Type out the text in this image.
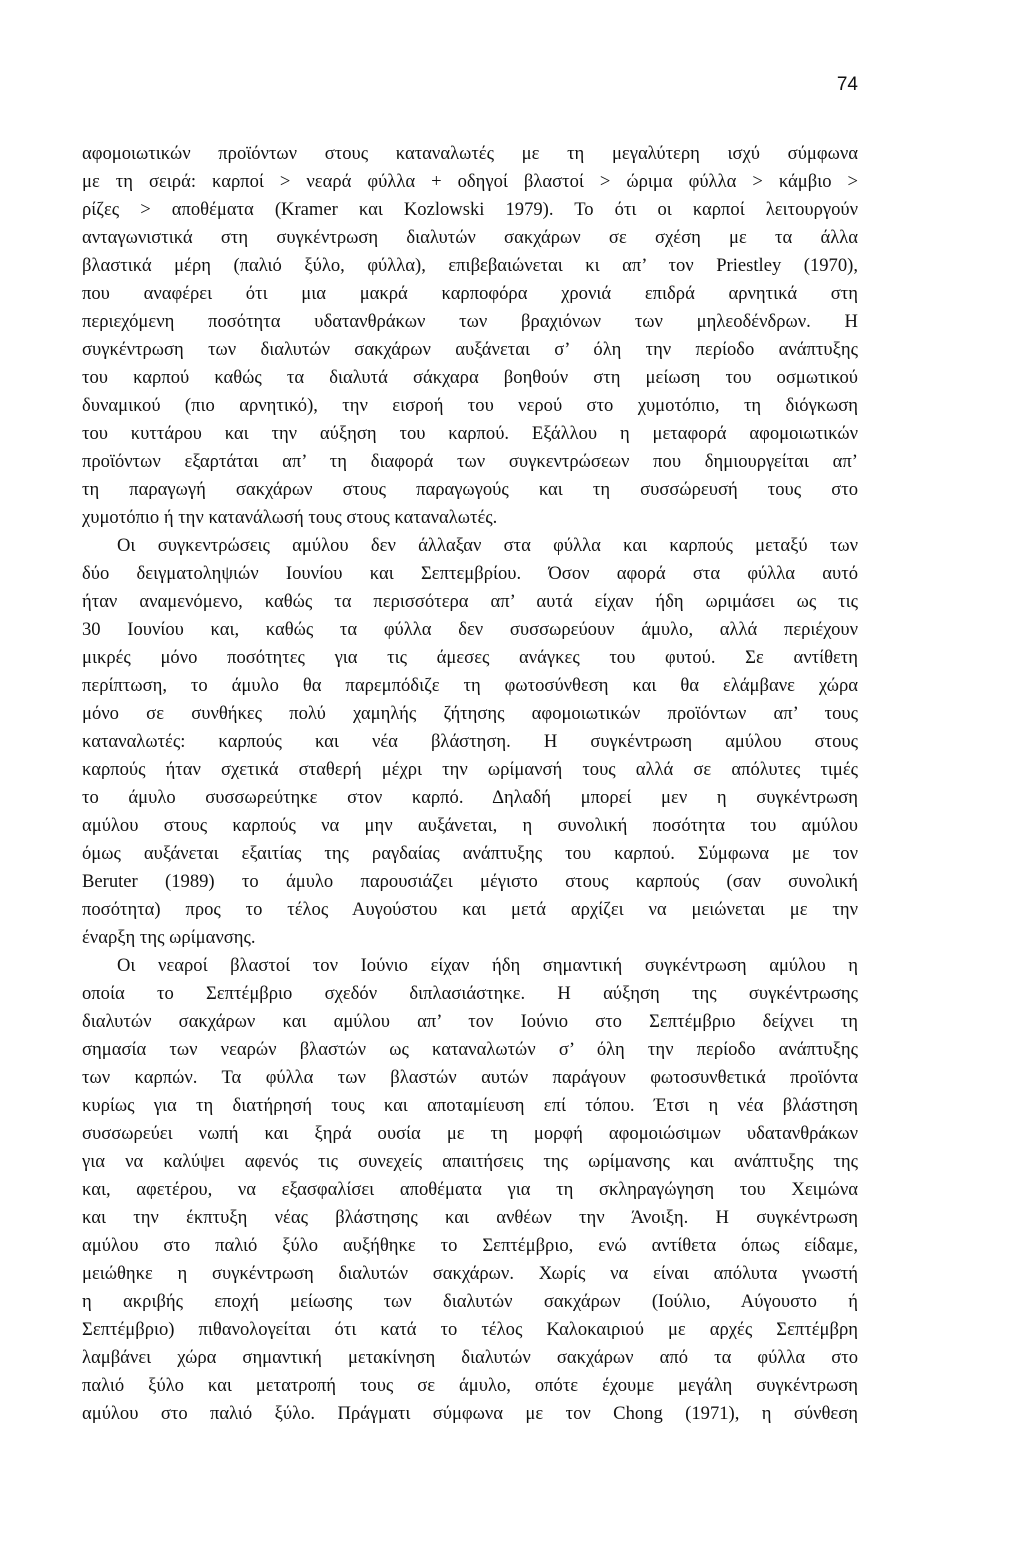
74
αφομοιωτικών προϊόντων στους καταναλωτές με τη μεγαλύτερη ισχύ σύμφωνα
με τη σειρά: καρποί > νεαρά φύλλα + οδηγοί βλαστοί > ώριμα φύλλα > κάμβιο >
ρίζες > αποθέματα (Kramer και Kozlowski 1979). Το ότι οι καρποί λειτουργούν
ανταγωνιστικά στη συγκέντρωση διαλυτών σακχάρων σε σχέση με τα άλλα
βλαστικά μέρη (παλιό ξύλο, φύλλα), επιβεβαιώνεται κι απ’ τον Priestley (1970),
που αναφέρει ότι μια μακρά καρποφόρα χρονιά επιδρά αρνητικά στη
περιεχόμενη ποσότητα υδατανθράκων των βραχιόνων των μηλεοδένδρων. Η
συγκέντρωση των διαλυτών σακχάρων αυξάνεται σ’ όλη την περίοδο ανάπτυξης
του καρπού καθώς τα διαλυτά σάκχαρα βοηθούν στη μείωση του οσμωτικού
δυναμικού (πιο αρνητικό), την εισροή του νερού στο χυμοτόπιο, τη διόγκωση
του κυττάρου και την αύξηση του καρπού. Εξάλλου η μεταφορά αφομοιωτικών
προϊόντων εξαρτάται απ’ τη διαφορά των συγκεντρώσεων που δημιουργείται απ’
τη παραγωγή σακχάρων στους παραγωγούς και τη συσσώρευσή τους στο
χυμοτόπιο ή την κατανάλωσή τους στους καταναλωτές.
Οι συγκεντρώσεις αμύλου δεν άλλαξαν στα φύλλα και καρπούς μεταξύ των
δύο δειγματοληψιών Ιουνίου και Σεπτεμβρίου. Όσον αφορά στα φύλλα αυτό
ήταν αναμενόμενο, καθώς τα περισσότερα απ’ αυτά είχαν ήδη ωριμάσει ως τις
30 Ιουνίου και, καθώς τα φύλλα δεν συσσωρεύουν άμυλο, αλλά περιέχουν
μικρές μόνο ποσότητες για τις άμεσες ανάγκες του φυτού. Σε αντίθετη
περίπτωση, το άμυλο θα παρεμπόδιζε τη φωτοσύνθεση και θα ελάμβανε χώρα
μόνο σε συνθήκες πολύ χαμηλής ζήτησης αφομοιωτικών προϊόντων απ’ τους
καταναλωτές: καρπούς και νέα βλάστηση. Η συγκέντρωση αμύλου στους
καρπούς ήταν σχετικά σταθερή μέχρι την ωρίμανσή τους αλλά σε απόλυτες τιμές
το άμυλο συσσωρεύτηκε στον καρπό. Δηλαδή μπορεί μεν η συγκέντρωση
αμύλου στους καρπούς να μην αυξάνεται, η συνολική ποσότητα του αμύλου
όμως αυξάνεται εξαιτίας της ραγδαίας ανάπτυξης του καρπού. Σύμφωνα με τον
Beruter (1989) το άμυλο παρουσιάζει μέγιστο στους καρπούς (σαν συνολική
ποσότητα) προς το τέλος Αυγούστου και μετά αρχίζει να μειώνεται με την
έναρξη της ωρίμανσης.
Οι νεαροί βλαστοί τον Ιούνιο είχαν ήδη σημαντική συγκέντρωση αμύλου η
οποία το Σεπτέμβριο σχεδόν διπλασιάστηκε. Η αύξηση της συγκέντρωσης
διαλυτών σακχάρων και αμύλου απ’ τον Ιούνιο στο Σεπτέμβριο δείχνει τη
σημασία των νεαρών βλαστών ως καταναλωτών σ’ όλη την περίοδο ανάπτυξης
των καρπών. Τα φύλλα των βλαστών αυτών παράγουν φωτοσυνθετικά προϊόντα
κυρίως για τη διατήρησή τους και αποταμίευση επί τόπου. Έτσι η νέα βλάστηση
συσσωρεύει νωπή και ξηρά ουσία με τη μορφή αφομοιώσιμων υδατανθράκων
για να καλύψει αφενός τις συνεχείς απαιτήσεις της ωρίμανσης και ανάπτυξης της
και, αφετέρου, να εξασφαλίσει αποθέματα για τη σκληραγώγηση του Χειμώνα
και την έκπτυξη νέας βλάστησης και ανθέων την Άνοιξη. Η συγκέντρωση
αμύλου στο παλιό ξύλο αυξήθηκε το Σεπτέμβριο, ενώ αντίθετα όπως είδαμε,
μειώθηκε η συγκέντρωση διαλυτών σακχάρων. Χωρίς να είναι απόλυτα γνωστή
η ακριβής εποχή μείωσης των διαλυτών σακχάρων (Ιούλιο, Αύγουστο ή
Σεπτέμβριο) πιθανολογείται ότι κατά το τέλος Καλοκαιριού με αρχές Σεπτέμβρη
λαμβάνει χώρα σημαντική μετακίνηση διαλυτών σακχάρων από τα φύλλα στο
παλιό ξύλο και μετατροπή τους σε άμυλο, οπότε έχουμε μεγάλη συγκέντρωση
αμύλου στο παλιό ξύλο. Πράγματι σύμφωνα με τον Chong (1971), η σύνθεση
